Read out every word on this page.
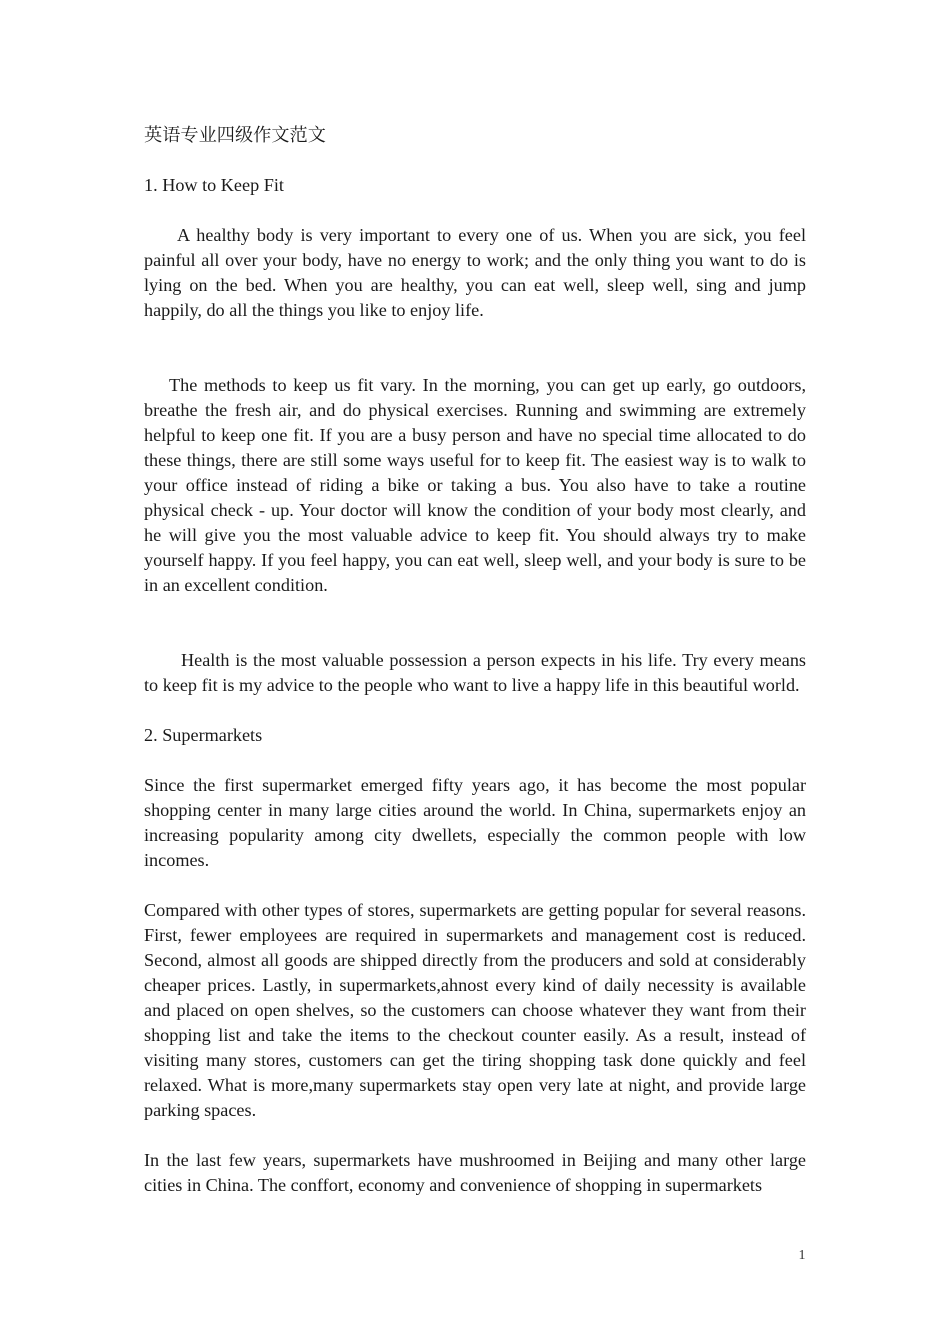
英语专业四级作文范文

1. How to Keep Fit

A healthy body is very important to every one of us. When you are sick, you feel painful all over your body, have no energy to work; and the only thing you want to do is lying on the bed. When you are healthy, you can eat well, sleep well, sing and jump happily, do all the things you like to enjoy life.

The methods to keep us fit vary. In the morning, you can get up early, go outdoors, breathe the fresh air, and do physical exercises. Running and swimming are extremely helpful to keep one fit. If you are a busy person and have no special time allocated to do these things, there are still some ways useful for to keep fit. The easiest way is to walk to your office instead of riding a bike or taking a bus. You also have to take a routine physical check - up. Your doctor will know the condition of your body most clearly, and he will give you the most valuable advice to keep fit. You should always try to make yourself happy. If you feel happy, you can eat well, sleep well, and your body is sure to be in an excellent condition.

Health is the most valuable possession a person expects in his life. Try every means to keep fit is my advice to the people who want to live a happy life in this beautiful world.

2. Supermarkets

Since the first supermarket emerged fifty years ago, it has become the most popular shopping center in many large cities around the world. In China, supermarkets enjoy an increasing popularity among city dwellets, especially the common people with low incomes.

Compared with other types of stores, supermarkets are getting popular for several reasons. First, fewer employees are required in supermarkets and management cost is reduced. Second, almost all goods are shipped directly from the producers and sold at considerably cheaper prices. Lastly, in supermarkets,ahnost every kind of daily necessity is available and placed on open shelves, so the customers can choose whatever they want from their shopping list and take the items to the checkout counter easily. As a result, instead of visiting many stores, customers can get the tiring shopping task done quickly and feel relaxed. What is more,many supermarkets stay open very late at night, and provide large parking spaces.

In the last few years, supermarkets have mushroomed in Beijing and many other large cities in China. The conffort, economy and convenience of shopping in supermarkets

1
